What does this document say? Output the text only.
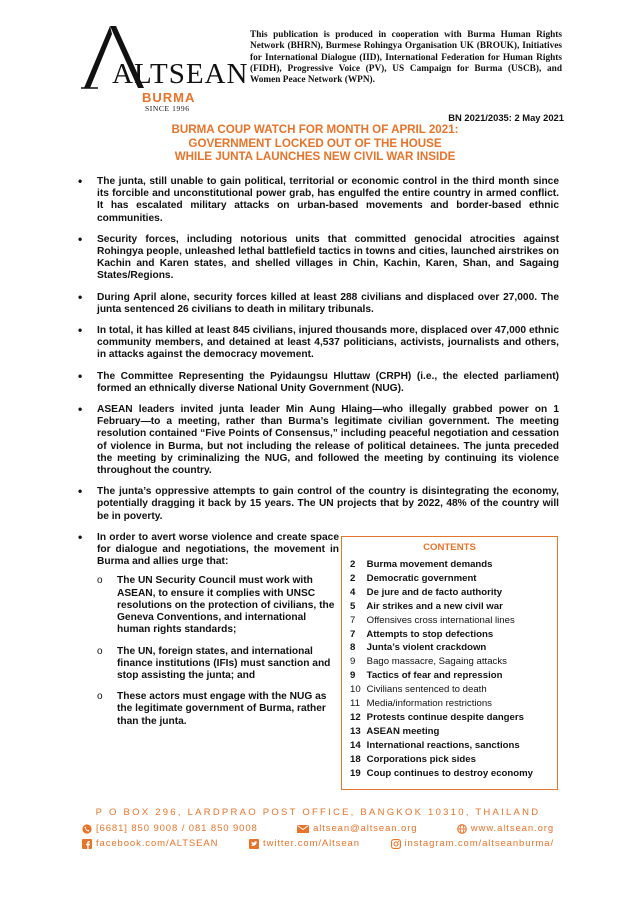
ALTSEAN
BURMA
SINCE 1996

This publication is produced in cooperation with Burma Human Rights Network (BHRN), Burmese Rohingya Organisation UK (BROUK), Initiatives for International Dialogue (IID), International Federation for Human Rights (FIDH), Progressive Voice (PV), US Campaign for Burma (USCB), and Women Peace Network (WPN).

BN 2021/2035: 2 May 2021
BURMA COUP WATCH FOR MONTH OF APRIL 2021:
GOVERNMENT LOCKED OUT OF THE HOUSE
WHILE JUNTA LAUNCHES NEW CIVIL WAR INSIDE
• The junta, still unable to gain political, territorial or economic control in the third month since its forcible and unconstitutional power grab, has engulfed the entire country in armed conflict. It has escalated military attacks on urban-based movements and border-based ethnic communities.
• Security forces, including notorious units that committed genocidal atrocities against Rohingya people, unleashed lethal battlefield tactics in towns and cities, launched airstrikes on Kachin and Karen states, and shelled villages in Chin, Kachin, Karen, Shan, and Sagaing States/Regions.
• During April alone, security forces killed at least 288 civilians and displaced over 27,000. The junta sentenced 26 civilians to death in military tribunals.
• In total, it has killed at least 845 civilians, injured thousands more, displaced over 47,000 ethnic community members, and detained at least 4,537 politicians, activists, journalists and others, in attacks against the democracy movement.
• The Committee Representing the Pyidaungsu Hluttaw (CRPH) (i.e., the elected parliament) formed an ethnically diverse National Unity Government (NUG).
• ASEAN leaders invited junta leader Min Aung Hlaing—who illegally grabbed power on 1 February—to a meeting, rather than Burma’s legitimate civilian government. The meeting resolution contained “Five Points of Consensus,” including peaceful negotiation and cessation of violence in Burma, but not including the release of political detainees. The junta preceded the meeting by criminalizing the NUG, and followed the meeting by continuing its violence throughout the country.
• The junta’s oppressive attempts to gain control of the country is disintegrating the economy, potentially dragging it back by 15 years. The UN projects that by 2022, 48% of the country will be in poverty.
• In order to avert worse violence and create space for dialogue and negotiations, the movement in Burma and allies urge that:
o The UN Security Council must work with ASEAN, to ensure it complies with UNSC resolutions on the protection of civilians, the Geneva Conventions, and international human rights standards;
o The UN, foreign states, and international finance institutions (IFIs) must sanction and stop assisting the junta; and
o These actors must engage with the NUG as the legitimate government of Burma, rather than the junta.
CONTENTS
2 Burma movement demands
2 Democratic government
4 De jure and de facto authority
5 Air strikes and a new civil war
7 Offensives cross international lines
7 Attempts to stop defections
8 Junta’s violent crackdown
9 Bago massacre, Sagaing attacks
9 Tactics of fear and repression
10 Civilians sentenced to death
11 Media/information restrictions
12 Protests continue despite dangers
13 ASEAN meeting
14 International reactions, sanctions
18 Corporations pick sides
19 Coup continues to destroy economy
P O BOX 296, LARDPRAO POST OFFICE, BANGKOK 10310, THAILAND
[6681] 850 9008 / 081 850 9008	altsean@altsean.org	www.altsean.org
facebook.com/ALTSEAN	twitter.com/Altsean	instagram.com/altseanburma/
